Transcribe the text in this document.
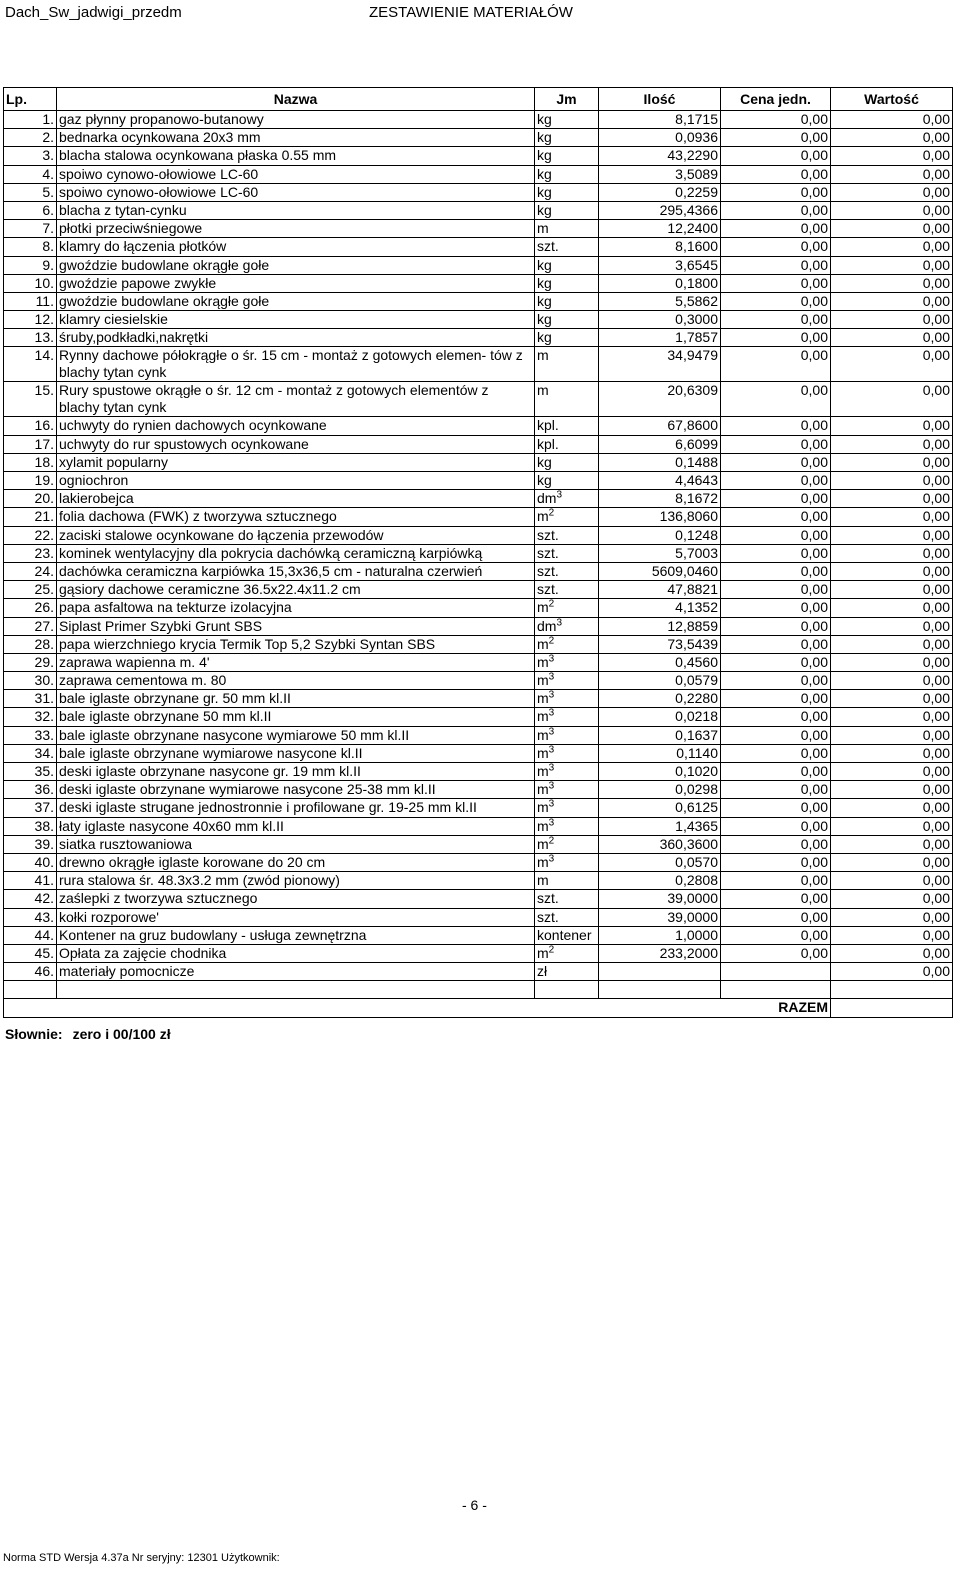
Dach_Sw_jadwigi_przedm	ZESTAWIENIE MATERIAŁÓW
Lp.	Nazwa	Jm	Ilość	Cena jedn.	Wartość
1.	gaz płynny propanowo-butanowy	kg	8,1715	0,00	0,00
2.	bednarka ocynkowana 20x3 mm	kg	0,0936	0,00	0,00
3.	blacha stalowa ocynkowana płaska 0.55 mm	kg	43,2290	0,00	0,00
4.	spoiwo cynowo-ołowiowe LC-60	kg	3,5089	0,00	0,00
5.	spoiwo cynowo-ołowiowe LC-60	kg	0,2259	0,00	0,00
6.	blacha z tytan-cynku	kg	295,4366	0,00	0,00
7.	płotki przeciwśniegowe	m	12,2400	0,00	0,00
8.	klamry do łączenia płotków	szt.	8,1600	0,00	0,00
9.	gwoździe budowlane okrągłe gołe	kg	3,6545	0,00	0,00
10.	gwoździe papowe zwykłe	kg	0,1800	0,00	0,00
11.	gwoździe budowlane okrągłe gołe	kg	5,5862	0,00	0,00
12.	klamry ciesielskie	kg	0,3000	0,00	0,00
13.	śruby,podkładki,nakrętki	kg	1,7857	0,00	0,00
14.	Rynny dachowe półokrągłe o śr. 15 cm - montaż z gotowych elemen- tów z blachy tytan cynk	m	34,9479	0,00	0,00
15.	Rury spustowe okrągłe o śr. 12 cm - montaż z gotowych elementów z blachy tytan cynk	m	20,6309	0,00	0,00
16.	uchwyty do rynien dachowych ocynkowane	kpl.	67,8600	0,00	0,00
17.	uchwyty do rur spustowych ocynkowane	kpl.	6,6099	0,00	0,00
18.	xylamit popularny	kg	0,1488	0,00	0,00
19.	ogniochron	kg	4,4643	0,00	0,00
20.	lakierobejca	$dm^3$	8,1672	0,00	0,00
21.	folia dachowa (FWK) z tworzywa sztucznego	$m^2$	136,8060	0,00	0,00
22.	zaciski stalowe ocynkowane do łączenia przewodów	szt.	0,1248	0,00	0,00
23.	kominek wentylacyjny dla pokrycia dachówką ceramiczną karpiówką	szt.	5,7003	0,00	0,00
24.	dachówka ceramiczna karpiówka 15,3x36,5 cm - naturalna czerwień	szt.	5609,0460	0,00	0,00
25.	gąsiory dachowe ceramiczne 36.5x22.4x11.2 cm	szt.	47,8821	0,00	0,00
26.	papa asfaltowa na tekturze izolacyjna	$m^2$	4,1352	0,00	0,00
27.	Siplast Primer Szybki Grunt SBS	$dm^3$	12,8859	0,00	0,00
28.	papa wierzchniego krycia Termik Top 5,2 Szybki Syntan SBS	$m^2$	73,5439	0,00	0,00
29.	zaprawa wapienna m. 4'	$m^3$	0,4560	0,00	0,00
30.	zaprawa cementowa m. 80	$m^3$	0,0579	0,00	0,00
31.	bale iglaste obrzynane gr. 50 mm kl.II	$m^3$	0,2280	0,00	0,00
32.	bale iglaste obrzynane 50 mm kl.II	$m^3$	0,0218	0,00	0,00
33.	bale iglaste obrzynane nasycone wymiarowe 50 mm kl.II	$m^3$	0,1637	0,00	0,00
34.	bale iglaste obrzynane wymiarowe nasycone kl.II	$m^3$	0,1140	0,00	0,00
35.	deski iglaste obrzynane nasycone gr. 19 mm kl.II	$m^3$	0,1020	0,00	0,00
36.	deski iglaste obrzynane wymiarowe nasycone 25-38 mm kl.II	$m^3$	0,0298	0,00	0,00
37.	deski iglaste strugane jednostronnie i profilowane gr. 19-25 mm kl.II	$m^3$	0,6125	0,00	0,00
38.	łaty iglaste nasycone 40x60 mm kl.II	$m^3$	1,4365	0,00	0,00
39.	siatka rusztowaniowa	$m^2$	360,3600	0,00	0,00
40.	drewno okrągłe iglaste korowane do 20 cm	$m^3$	0,0570	0,00	0,00
41.	rura stalowa śr. 48.3x3.2 mm (zwód pionowy)	m	0,2808	0,00	0,00
42.	zaślepki z tworzywa sztucznego	szt.	39,0000	0,00	0,00
43.	kołki rozporowe'	szt.	39,0000	0,00	0,00
44.	Kontener na gruz budowlany - usługa zewnętrzna	kontener	1,0000	0,00	0,00
45.	Opłata za zajęcie chodnika	$m^2$	233,2000	0,00	0,00
46.	materiały pomocnicze	zł			0,00

RAZEM					
Słownie: zero i 00/100 zł
- 6 -
Norma STD Wersja 4.37a Nr seryjny: 12301 Użytkownik:
